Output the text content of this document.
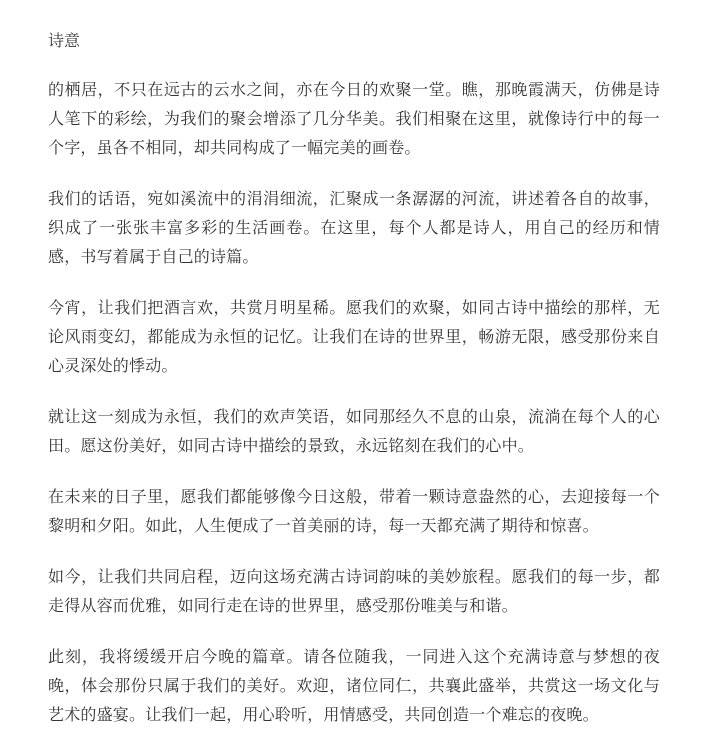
诗意

的栖居，不只在远古的云水之间，亦在今日的欢聚一堂。瞧，那晚霞满天，仿佛是诗人笔下的彩绘，为我们的聚会增添了几分华美。我们相聚在这里，就像诗行中的每一个字，虽各不相同，却共同构成了一幅完美的画卷。

我们的话语，宛如溪流中的涓涓细流，汇聚成一条潺潺的河流，讲述着各自的故事，织成了一张张丰富多彩的生活画卷。在这里，每个人都是诗人，用自己的经历和情感，书写着属于自己的诗篇。

今宵，让我们把酒言欢，共赏月明星稀。愿我们的欢聚，如同古诗中描绘的那样，无论风雨变幻，都能成为永恒的记忆。让我们在诗的世界里，畅游无限，感受那份来自心灵深处的悸动。

就让这一刻成为永恒，我们的欢声笑语，如同那经久不息的山泉，流淌在每个人的心田。愿这份美好，如同古诗中描绘的景致，永远铭刻在我们的心中。

在未来的日子里，愿我们都能够像今日这般，带着一颗诗意盎然的心，去迎接每一个黎明和夕阳。如此，人生便成了一首美丽的诗，每一天都充满了期待和惊喜。

如今，让我们共同启程，迈向这场充满古诗词韵味的美妙旅程。愿我们的每一步，都走得从容而优雅，如同行走在诗的世界里，感受那份唯美与和谐。

此刻，我将缓缓开启今晚的篇章。请各位随我，一同进入这个充满诗意与梦想的夜晚，体会那份只属于我们的美好。欢迎，诸位同仁，共襄此盛举，共赏这一场文化与艺术的盛宴。让我们一起，用心聆听，用情感受，共同创造一个难忘的夜晚。
